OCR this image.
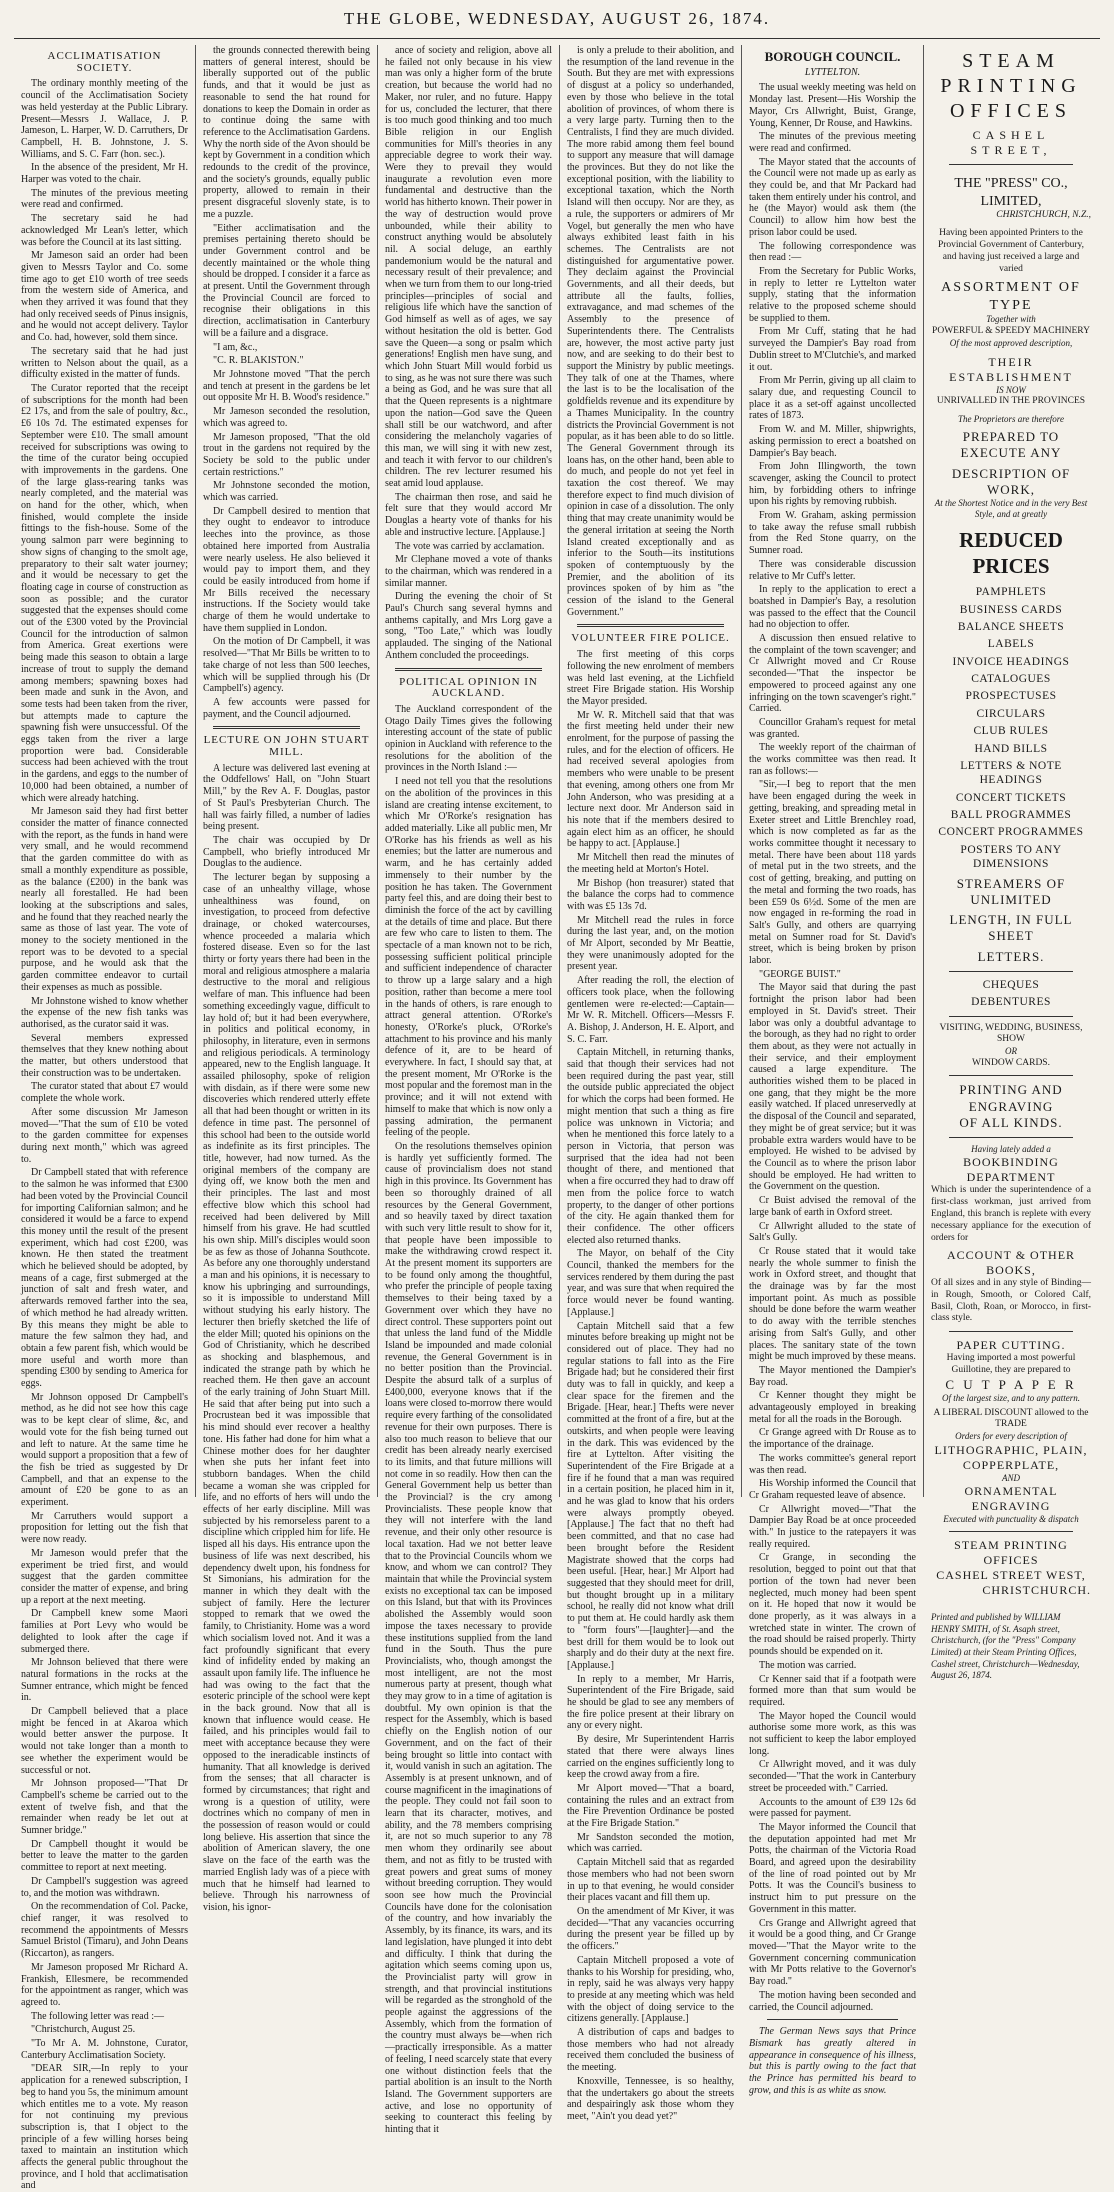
THE GLOBE, WEDNESDAY, AUGUST 26, 1874.
ACCLIMATISATION SOCIETY.

The ordinary monthly meeting of the council of the Acclimatisation Society was held yesterday at the Public Library. Present—Messrs J. Wallace, J. P. Jameson, L. Harper, W. D. Carruthers, Dr Campbell, H. B. Johnstone, J. S. Williams, and S. C. Farr (hon. sec.).

In the absence of the president, Mr H. Harper was voted to the chair.

The minutes of the previous meeting were read and confirmed.

The secretary said he had acknowledged Mr Lean's letter, which was before the Council at its last sitting.

Mr Jameson said an order had been given to Messrs Taylor and Co. some time ago to get £10 worth of tree seeds from the western side of America, and when they arrived it was found that they had only received seeds of Pinus insignis, and he would not accept delivery. Taylor and Co. had, however, sold them since.

The secretary said that he had just written to Nelson about the quail, as a difficulty existed in the matter of funds.

The Curator reported that the receipt of subscriptions for the month had been £2 17s, and from the sale of poultry, &c., £6 10s 7d. The estimated expenses for September were £10. The small amount received for subscriptions was owing to the time of the curator being occupied with improvements in the gardens. One of the large glass-rearing tanks was nearly completed, and the material was on hand for the other, which, when finished, would complete the inside fittings to the fish-house. Some of the young salmon parr were beginning to show signs of changing to the smolt age, preparatory to their salt water journey; and it would be necessary to get the floating cage in course of construction as soon as possible; and the curator suggested that the expenses should come out of the £300 voted by the Provincial Council for the introduction of salmon from America. Great exertions were being made this season to obtain a large increase of trout to supply the demand among members; spawning boxes had been made and sunk in the Avon, and some tests had been taken from the river, but attempts made to capture the spawning fish were unsuccessful. Of the eggs taken from the river a large proportion were bad. Considerable success had been achieved with the trout in the gardens, and eggs to the number of 10,000 had been obtained, a number of which were already hatching.

Mr Jameson said they had first better consider the matter of finance connected with the report, as the funds in hand were very small, and he would recommend that the garden committee do with as small a monthly expenditure as possible, as the balance (£200) in the bank was nearly all forestalled. He had been looking at the subscriptions and sales, and he found that they reached nearly the same as those of last year. The vote of money to the society mentioned in the report was to be devoted to a special purpose, and he would ask that the garden committee endeavor to curtail their expenses as much as possible.

Mr Johnstone wished to know whether the expense of the new fish tanks was authorised, as the curator said it was.

Several members expressed themselves that they knew nothing about the matter, but others understood that their construction was to be undertaken.

The curator stated that about £7 would complete the whole work.

After some discussion Mr Jameson moved—"That the sum of £10 be voted to the garden committee for expenses during next month," which was agreed to.

Dr Campbell stated that with reference to the salmon he was informed that £300 had been voted by the Provincial Council for importing Californian salmon; and he considered it would be a farce to expend this money until the result of the present experiment, which had cost £200, was known. He then stated the treatment which he believed should be adopted, by means of a cage, first submerged at the junction of salt and fresh water, and afterwards removed farther into the sea, of which method he had already written. By this means they might be able to mature the few salmon they had, and obtain a few parent fish, which would be more useful and worth more than spending £300 by sending to America for eggs.

Mr Johnson opposed Dr Campbell's method, as he did not see how this cage was to be kept clear of slime, &c, and would vote for the fish being turned out and left to nature. At the same time he would support a proposition that a few of the fish be tried as suggested by Dr Campbell, and that an expense to the amount of £20 be gone to as an experiment.

Mr Carruthers would support a proposition for letting out the fish that were now ready.

Mr Jameson would prefer that the experiment be tried first, and would suggest that the garden committee consider the matter of expense, and bring up a report at the next meeting.

Dr Campbell knew some Maori families at Port Levy who would be delighted to look after the cage if submerged there.

Mr Johnson believed that there were natural formations in the rocks at the Sumner entrance, which might be fenced in.

Dr Campbell believed that a place might be fenced in at Akaroa which would better answer the purpose. It would not take longer than a month to see whether the experiment would be successful or not.

Mr Johnson proposed—"That Dr Campbell's scheme be carried out to the extent of twelve fish, and that the remainder when ready be let out at Sumner bridge."

Dr Campbell thought it would be better to leave the matter to the garden committee to report at next meeting.

Dr Campbell's suggestion was agreed to, and the motion was withdrawn.

On the recommendation of Col. Packe, chief ranger, it was resolved to recommend the appointments of Messrs Samuel Bristol (Timaru), and John Deans (Riccarton), as rangers.

Mr Jameson proposed Mr Richard A. Frankish, Ellesmere, be recommended for the appointment as ranger, which was agreed to.

The following letter was read :—

"Christchurch, August 25.

"To Mr A. M. Johnstone, Curator, Canterbury Acclimatisation Society.

"DEAR SIR,—In reply to your application for a renewed subscription, I beg to hand you 5s, the minimum amount which entitles me to a vote. My reason for not continuing my previous subscription is, that I object to the principle of a few willing horses being taxed to maintain an institution which affects the general public throughout the province, and I hold that acclimatisation and

the grounds connected therewith being matters of general interest, should be liberally supported out of the public funds, and that it would be just as reasonable to send the hat round for donations to keep the Domain in order as to continue doing the same with reference to the Acclimatisation Gardens. Why the north side of the Avon should be kept by Government in a condition which redounds to the credit of the province, and the society's grounds, equally public property, allowed to remain in their present disgraceful slovenly state, is to me a puzzle.

"Either acclimatisation and the premises pertaining thereto should be under Government control and be decently maintained or the whole thing should be dropped. I consider it a farce as at present. Until the Government through the Provincial Council are forced to recognise their obligations in this direction, acclimatisation in Canterbury will be a failure and a disgrace.

"I am, &c.,

"C. R. BLAKISTON."

Mr Johnstone moved "That the perch and tench at present in the gardens be let out opposite Mr H. B. Wood's residence."

Mr Jameson seconded the resolution, which was agreed to.

Mr Jameson proposed, "That the old trout in the gardens not required by the Society be sold to the public under certain restrictions."

Mr Johnstone seconded the motion, which was carried.

Dr Campbell desired to mention that they ought to endeavor to introduce leeches into the province, as those obtained here imported from Australia were nearly useless. He also believed it would pay to import them, and they could be easily introduced from home if Mr Bills received the necessary instructions. If the Society would take charge of them he would undertake to have them supplied in London.

On the motion of Dr Campbell, it was resolved—"That Mr Bills be written to to take charge of not less than 500 leeches, which will be supplied through his (Dr Campbell's) agency.

A few accounts were passed for payment, and the Council adjourned.

LECTURE ON JOHN STUART MILL.

A lecture was delivered last evening at the Oddfellows' Hall, on "John Stuart Mill," by the Rev A. F. Douglas, pastor of St Paul's Presbyterian Church. The hall was fairly filled, a number of ladies being present.

The chair was occupied by Dr Campbell, who briefly introduced Mr Douglas to the audience.

The lecturer began by supposing a case of an unhealthy village, whose unhealthiness was found, on investigation, to proceed from defective drainage, or choked watercourses, whence proceeded a malaria which fostered disease. Even so for the last thirty or forty years there had been in the moral and religious atmosphere a malaria destructive to the moral and religious welfare of man. This influence had been something exceedingly vague, difficult to lay hold of; but it had been everywhere, in politics and political economy, in philosophy, in literature, even in sermons and religious periodicals. A terminology appeared, new to the English language. It assailed philosophy, spoke of religion with disdain, as if there were some new discoveries which rendered utterly effete all that had been thought or written in its defence in time past. The personnel of this school had been to the outside world as indefinite as its first principles. The title, however, had now turned. As the original members of the company are dying off, we know both the men and their principles. The last and most effective blow which this school had received had been delivered by Mill himself from his grave. He had scuttled his own ship. Mill's disciples would soon be as few as those of Johanna Southcote. As before any one thoroughly understand a man and his opinions, it is necessary to know his upbringing and surroundings, so it is impossible to understand Mill without studying his early history. The lecturer then briefly sketched the life of the elder Mill; quoted his opinions on the God of Christianity, which he described as shocking and blasphemous, and indicated the strange path by which he reached them. He then gave an account of the early training of John Stuart Mill. He said that after being put into such a Procrustean bed it was impossible that his mind should ever recover a healthy tone. His father had done for him what a Chinese mother does for her daughter when she puts her infant feet into stubborn bandages. When the child became a woman she was crippled for life, and no efforts of hers will undo the effects of her early discipline. Mill was subjected by his remorseless parent to a discipline which crippled him for life. He lisped all his days. His entrance upon the business of life was next described, his dependency dwelt upon, his fondness for St Simonians, his admiration for the manner in which they dealt with the subject of family. Here the lecturer stopped to remark that we owed the family, to Christianity. Home was a word which socialism loved not. And it was a fact profoundly significant that every kind of infidelity ended by making an assault upon family life. The influence he had was owing to the fact that the esoteric principle of the school were kept in the back ground. Now that all is known that influence would cease. He failed, and his principles would fail to meet with acceptance because they were opposed to the ineradicable instincts of humanity. That all knowledge is derived from the senses; that all character is formed by circumstances; that right and wrong is a question of utility, were doctrines which no company of men in the possession of reason would or could long believe. His assertion that since the abolition of American slavery, the one slave on the face of the earth was the married English lady was of a piece with much that he himself had learned to believe. Through his narrowness of vision, his ignor-

ance of society and religion, above all he failed not only because in his view man was only a higher form of the brute creation, but because the world had no Maker, nor ruler, and no future. Happy for us, concluded the lecturer, that there is too much good thinking and too much Bible religion in our English communities for Mill's theories in any appreciable degree to work their way. Were they to prevail they would inaugurate a revolution even more fundamental and destructive than the world has hitherto known. Their power in the way of destruction would prove unbounded, while their ability to construct anything would be absolutely nil. A social deluge, an earthly pandemonium would be the natural and necessary result of their prevalence; and when we turn from them to our long-tried principles—principles of social and religious life which have the sanction of God himself as well as of ages, we say without hesitation the old is better. God save the Queen—a song or psalm which generations! English men have sung, and which John Stuart Mill would forbid us to sing, as he was not sure there was such a being as God, and he was sure that all that the Queen represents is a nightmare upon the nation—God save the Queen shall still be our watchword, and after considering the melancholy vagaries of this man, we will sing it with new zest, and teach it with fervor to our children's children. The rev lecturer resumed his seat amid loud applause.

The chairman then rose, and said he felt sure that they would accord Mr Douglas a hearty vote of thanks for his able and instructive lecture. [Applause.]

The vote was carried by acclamation.

Mr Clephane moved a vote of thanks to the chairman, which was rendered in a similar manner.

During the evening the choir of St Paul's Church sang several hymns and anthems capitally, and Mrs Lorg gave a song, "Too Late," which was loudly applauded. The singing of the National Anthem concluded the proceedings.

POLITICAL OPINION IN AUCKLAND.

The Auckland correspondent of the Otago Daily Times gives the following interesting account of the state of public opinion in Auckland with reference to the resolutions for the abolition of the provinces in the North Island :—

I need not tell you that the resolutions on the abolition of the provinces in this island are creating intense excitement, to which Mr O'Rorke's resignation has added materially. Like all public men, Mr O'Rorke has his friends as well as his enemies; but the latter are numerous and warm, and he has certainly added immensely to their number by the position he has taken. The Government party feel this, and are doing their best to diminish the force of the act by cavilling at the details of time and place. But there are few who care to listen to them. The spectacle of a man known not to be rich, possessing sufficient political principle and sufficient independence of character to throw up a large salary and a high position, rather than become a mere tool in the hands of others, is rare enough to attract general attention. O'Rorke's honesty, O'Rorke's pluck, O'Rorke's attachment to his province and his manly defence of it, are to be heard of everywhere. In fact, I should say that, at the present moment, Mr O'Rorke is the most popular and the foremost man in the province; and it will not extend with himself to make that which is now only a passing admiration, the permanent feeling of the people.

On the resolutions themselves opinion is hardly yet sufficiently formed. The cause of provincialism does not stand high in this province. Its Government has been so thoroughly drained of all resources by the General Government, and so heavily taxed by direct taxation with such very little result to show for it, that people have been impossible to make the withdrawing crowd respect it. At the present moment its supporters are to be found only among the thoughtful, who prefer the principle of people taxing themselves to their being taxed by a Government over which they have no direct control. These supporters point out that unless the land fund of the Middle Island be impounded and made colonial revenue, the General Government is in no better position than the Provincial. Despite the absurd talk of a surplus of £400,000, everyone knows that if the loans were closed to-morrow there would require every farthing of the consolidated revenue for their own purposes. There is also too much reason to believe that our credit has been already nearly exercised to its limits, and that future millions will not come in so readily. How then can the General Government help us better than the Provincial? is the cry among Provincialists. These people know that they will not interfere with the land revenue, and their only other resource is local taxation. Had we not better leave that to the Provincial Councils whom we know, and whom we can control? They maintain that while the Provincial system exists no exceptional tax can be imposed on this Island, but that with its Provinces abolished the Assembly would soon impose the taxes necessary to provide these institutions supplied from the land fund in the South. Thus the pure Provincialists, who, though amongst the most intelligent, are not the most numerous party at present, though what they may grow to in a time of agitation is doubtful. My own opinion is that the respect for the Assembly, which is based chiefly on the English notion of our Government, and on the fact of their being brought so little into contact with it, would vanish in such an agitation. The Assembly is at present unknown, and of course magnificent in the imaginations of the people. They could not fail soon to learn that its character, motives, and ability, and the 78 members comprising it, are not so much superior to any 78 men whom they ordinarily see about them, and not as fitly to be trusted with great powers and great sums of money without breeding corruption. They would soon see how much the Provincial Councils have done for the colonisation of the country, and how invariably the Assembly, by its finance, its wars, and its land legislation, have plunged it into debt and difficulty. I think that during the agitation which seems coming upon us, the Provincialist party will grow in strength, and that provincial institutions will be regarded as the stronghold of the people against the aggressions of the Assembly, which from the formation of the country must always be—when rich—practically irresponsible. As a matter of feeling, I need scarcely state that every one without distinction feels that the partial abolition is an insult to the North Island. The Government supporters are active, and lose no opportunity of seeking to counteract this feeling by hinting that it

is only a prelude to their abolition, and the resumption of the land revenue in the South. But they are met with expressions of disgust at a policy so underhanded, even by those who believe in the total abolition of provinces, of whom there is a very large party. Turning then to the Centralists, I find they are much divided. The more rabid among them feel bound to support any measure that will damage the provinces. But they do not like the exceptional position, with the liability to exceptional taxation, which the North Island will then occupy. Nor are they, as a rule, the supporters or admirers of Mr Vogel, but generally the men who have always exhibited least faith in his schemes. The Centralists are not distinguished for argumentative power. They declaim against the Provincial Governments, and all their deeds, but attribute all the faults, follies, extravagance, and mad schemes of the Assembly to the presence of Superintendents there. The Centralists are, however, the most active party just now, and are seeking to do their best to support the Ministry by public meetings. They talk of one at the Thames, where the last is to be the localisation of the goldfields revenue and its expenditure by a Thames Municipality. In the country districts the Provincial Government is not popular, as it has been able to do so little. The General Government through its loans has, on the other hand, been able to do much, and people do not yet feel in taxation the cost thereof. We may therefore expect to find much division of opinion in case of a dissolution. The only thing that may create unanimity would be the general irritation at seeing the North Island created exceptionally and as inferior to the South—its institutions spoken of contemptuously by the Premier, and the abolition of its provinces spoken of by him as "the cession of the island to the General Government."

VOLUNTEER FIRE POLICE.

The first meeting of this corps following the new enrolment of members was held last evening, at the Lichfield street Fire Brigade station. His Worship the Mayor presided.

Mr W. R. Mitchell said that that was the first meeting held under their new enrolment, for the purpose of passing the rules, and for the election of officers. He had received several apologies from members who were unable to be present that evening, among others one from Mr John Anderson, who was presiding at a lecture next door. Mr Anderson said in his note that if the members desired to again elect him as an officer, he should be happy to act. [Applause.]

Mr Mitchell then read the minutes of the meeting held at Morton's Hotel.

Mr Bishop (hon treasurer) stated that the balance the corps had to commence with was £5 13s 7d.

Mr Mitchell read the rules in force during the last year, and, on the motion of Mr Alport, seconded by Mr Beattie, they were unanimously adopted for the present year.

After reading the roll, the election of officers took place, when the following gentlemen were re-elected:—Captain—Mr W. R. Mitchell. Officers—Messrs F. A. Bishop, J. Anderson, H. E. Alport, and S. C. Farr.

Captain Mitchell, in returning thanks, said that though their services had not been required during the past year, still the outside public appreciated the object for which the corps had been formed. He might mention that such a thing as fire police was unknown in Victoria; and when he mentioned this force lately to a person in Victoria, that person was surprised that the idea had not been thought of there, and mentioned that when a fire occurred they had to draw off men from the police force to watch property, to the danger of other portions of the city. He again thanked them for their confidence. The other officers elected also returned thanks.

The Mayor, on behalf of the City Council, thanked the members for the services rendered by them during the past year, and was sure that when required the force would never be found wanting. [Applause.]

Captain Mitchell said that a few minutes before breaking up might not be considered out of place. They had no regular stations to fall into as the Fire Brigade had; but he considered their first duty was to fall in quickly, and keep a clear space for the firemen and the Brigade. [Hear, hear.] Thefts were never committed at the front of a fire, but at the outskirts, and when people were leaving in the dark. This was evidenced by the fire at Lyttelton. After visiting the Superintendent of the Fire Brigade at a fire if he found that a man was required in a certain position, he placed him in it, and he was glad to know that his orders were always promptly obeyed. [Applause.] The fact that no theft had been committed, and that no case had been brought before the Resident Magistrate showed that the corps had been useful. [Hear, hear.] Mr Alport had suggested that they should meet for drill, but thought brought up in a military school, he really did not know what drill to put them at. He could hardly ask them to "form fours"—[laughter]—and the best drill for them would be to look out sharply and do their duty at the next fire. [Applause.]

In reply to a member, Mr Harris, Superintendent of the Fire Brigade, said he should be glad to see any members of the fire police present at their library on any or every night.

By desire, Mr Superintendent Harris stated that there were always lines carried on the engines sufficiently long to keep the crowd away from a fire.

Mr Alport moved—"That a board, containing the rules and an extract from the Fire Prevention Ordinance be posted at the Fire Brigade Station."

Mr Sandston seconded the motion, which was carried.

Captain Mitchell said that as regarded those members who had not been sworn in up to that evening, he would consider their places vacant and fill them up.

On the amendment of Mr Kiver, it was decided—"That any vacancies occurring during the present year be filled up by the officers."

Captain Mitchell proposed a vote of thanks to his Worship for presiding, who, in reply, said he was always very happy to preside at any meeting which was held with the object of doing service to the citizens generally. [Applause.]

A distribution of caps and badges to those members who had not already received them concluded the business of the meeting.

Knoxville, Tennessee, is so healthy, that the undertakers go about the streets and despairingly ask those whom they meet, "Ain't you dead yet?"

BOROUGH COUNCIL.
LYTTELTON.

The usual weekly meeting was held on Monday last. Present—His Worship the Mayor, Crs Allwright, Buist, Grange, Young, Kenner, Dr Rouse, and Hawkins.

The minutes of the previous meeting were read and confirmed.

The Mayor stated that the accounts of the Council were not made up as early as they could be, and that Mr Packard had taken them entirely under his control, and he (the Mayor) would ask them (the Council) to allow him how best the prison labor could be used.

The following correspondence was then read :—

From the Secretary for Public Works, in reply to letter re Lyttelton water supply, stating that the information relative to the proposed scheme should be supplied to them.

From Mr Cuff, stating that he had surveyed the Dampier's Bay road from Dublin street to M'Clutchie's, and marked it out.

From Mr Perrin, giving up all claim to salary due, and requesting Council to place it as a set-off against uncollected rates of 1873.

From W. and M. Miller, shipwrights, asking permission to erect a boatshed on Dampier's Bay beach.

From John Illingworth, the town scavenger, asking the Council to protect him, by forbidding others to infringe upon his rights by removing rubbish.

From W. Graham, asking permission to take away the refuse small rubbish from the Red Stone quarry, on the Sumner road.

There was considerable discussion relative to Mr Cuff's letter.

In reply to the application to erect a boatshed in Dampier's Bay, a resolution was passed to the effect that the Council had no objection to offer.

A discussion then ensued relative to the complaint of the town scavenger; and Cr Allwright moved and Cr Rouse seconded—"That the inspector be empowered to proceed against any one infringing on the town scavenger's right." Carried.

Councillor Graham's request for metal was granted.

The weekly report of the chairman of the works committee was then read. It ran as follows:—

"Sir,—I beg to report that the men have been engaged during the week in getting, breaking, and spreading metal in Exeter street and Little Brenchley road, which is now completed as far as the works committee thought it necessary to metal. There have been about 118 yards of metal put in the two streets, and the cost of getting, breaking, and putting on the metal and forming the two roads, has been £59 0s 6½d. Some of the men are now engaged in re-forming the road in Salt's Gully, and others are quarrying metal on Sumner road for St. David's street, which is being broken by prison labor.

"GEORGE BUIST."

The Mayor said that during the past fortnight the prison labor had been employed in St. David's street. Their labor was only a doubtful advantage to the borough, as they had no right to order them about, as they were not actually in their service, and their employment caused a large expenditure. The authorities wished them to be placed in one gang, that they might be the more easily watched. If placed unreservedly at the disposal of the Council and separated, they might be of great service; but it was probable extra warders would have to be employed. He wished to be advised by the Council as to where the prison labor should be employed. He had written to the Government on the question.

Cr Buist advised the removal of the large bank of earth in Oxford street.

Cr Allwright alluded to the state of Salt's Gully.

Cr Rouse stated that it would take nearly the whole summer to finish the work in Oxford street, and thought that the drainage was by far the most important point. As much as possible should be done before the warm weather to do away with the terrible stenches arising from Salt's Gully, and other places. The sanitary state of the town might be much improved by these means.

The Mayor mentioned the Dampier's Bay road.

Cr Kenner thought they might be advantageously employed in breaking metal for all the roads in the Borough.

Cr Grange agreed with Dr Rouse as to the importance of the drainage.

The works committee's general report was then read.

His Worship informed the Council that Cr Graham requested leave of absence.

Cr Allwright moved—"That the Dampier Bay Road be at once proceeded with." In justice to the ratepayers it was really required.

Cr Grange, in seconding the resolution, begged to point out that that portion of the town had never been neglected, much money had been spent on it. He hoped that now it would be done properly, as it was always in a wretched state in winter. The crown of the road should be raised properly. Thirty pounds should be expended on it.

The motion was carried.

Cr Kenner said that if a footpath were formed more than that sum would be required.

The Mayor hoped the Council would authorise some more work, as this was not sufficient to keep the labor employed long.

Cr Allwright moved, and it was duly seconded—"That the work in Canterbury street be proceeded with." Carried.

Accounts to the amount of £39 12s 6d were passed for payment.

The Mayor informed the Council that the deputation appointed had met Mr Potts, the chairman of the Victoria Road Board, and agreed upon the desirability of the line of road pointed out by Mr Potts. It was the Council's business to instruct him to put pressure on the Government in this matter.

Crs Grange and Allwright agreed that it would be a good thing, and Cr Grange moved—"That the Mayor write to the Government concerning communication with Mr Potts relative to the Governor's Bay road."

The motion having been seconded and carried, the Council adjourned.

The German News says that Prince Bismark has greatly altered in appearance in consequence of his illness, but this is partly owing to the fact that the Prince has permitted his beard to grow, and this is as white as snow.

STEAM PRINTING OFFICES
CASHEL STREET,
THE "PRESS" CO., LIMITED,
CHRISTCHURCH, N.Z.,
Having been appointed Printers to the Provincial Government of Canterbury, and having just received a large and varied
ASSORTMENT OF TYPE
Together with
POWERFUL & SPEEDY MACHINERY
Of the most approved description,
THEIR ESTABLISHMENT
IS NOW
UNRIVALLED IN THE PROVINCES
The Proprietors are therefore
PREPARED TO EXECUTE ANY
DESCRIPTION OF WORK,
At the Shortest Notice and in the very Best Style, and at greatly
REDUCED PRICES
PAMPHLETS
BUSINESS CARDS
BALANCE SHEETS
LABELS
INVOICE HEADINGS
CATALOGUES
PROSPECTUSES
CIRCULARS
CLUB RULES
HAND BILLS
LETTERS & NOTE HEADINGS
CONCERT TICKETS
BALL PROGRAMMES
CONCERT PROGRAMMES
POSTERS TO ANY DIMENSIONS
STREAMERS OF UNLIMITED
LENGTH, IN FULL SHEET
LETTERS.
CHEQUES
DEBENTURES
VISITING, WEDDING, BUSINESS, SHOW
OR
WINDOW CARDS.
PRINTING AND ENGRAVING
OF ALL KINDS.
Having lately added a
BOOKBINDING DEPARTMENT
Which is under the superintendence of a first-class workman, just arrived from England, this branch is replete with every necessary appliance for the execution of orders for
ACCOUNT & OTHER BOOKS,
Of all sizes and in any style of Binding—in Rough, Smooth, or Colored Calf, Basil, Cloth, Roan, or Morocco, in first-class style.
PAPER CUTTING.
Having imported a most powerful Guillotine, they are prepared to
C U T P A P E R
Of the largest size, and to any pattern.
A LIBERAL DISCOUNT allowed to the TRADE
Orders for every description of
LITHOGRAPHIC, PLAIN,
COPPERPLATE,
AND
ORNAMENTAL ENGRAVING
Executed with punctuality & dispatch
STEAM PRINTING OFFICES
CASHEL STREET WEST,
CHRISTCHURCH.
Printed and published by WILLIAM HENRY SMITH, of St. Asaph street, Christchurch, (for the "Press" Company Limited) at their Steam Printing Offices, Cashel street, Christchurch—Wednesday, August 26, 1874.
